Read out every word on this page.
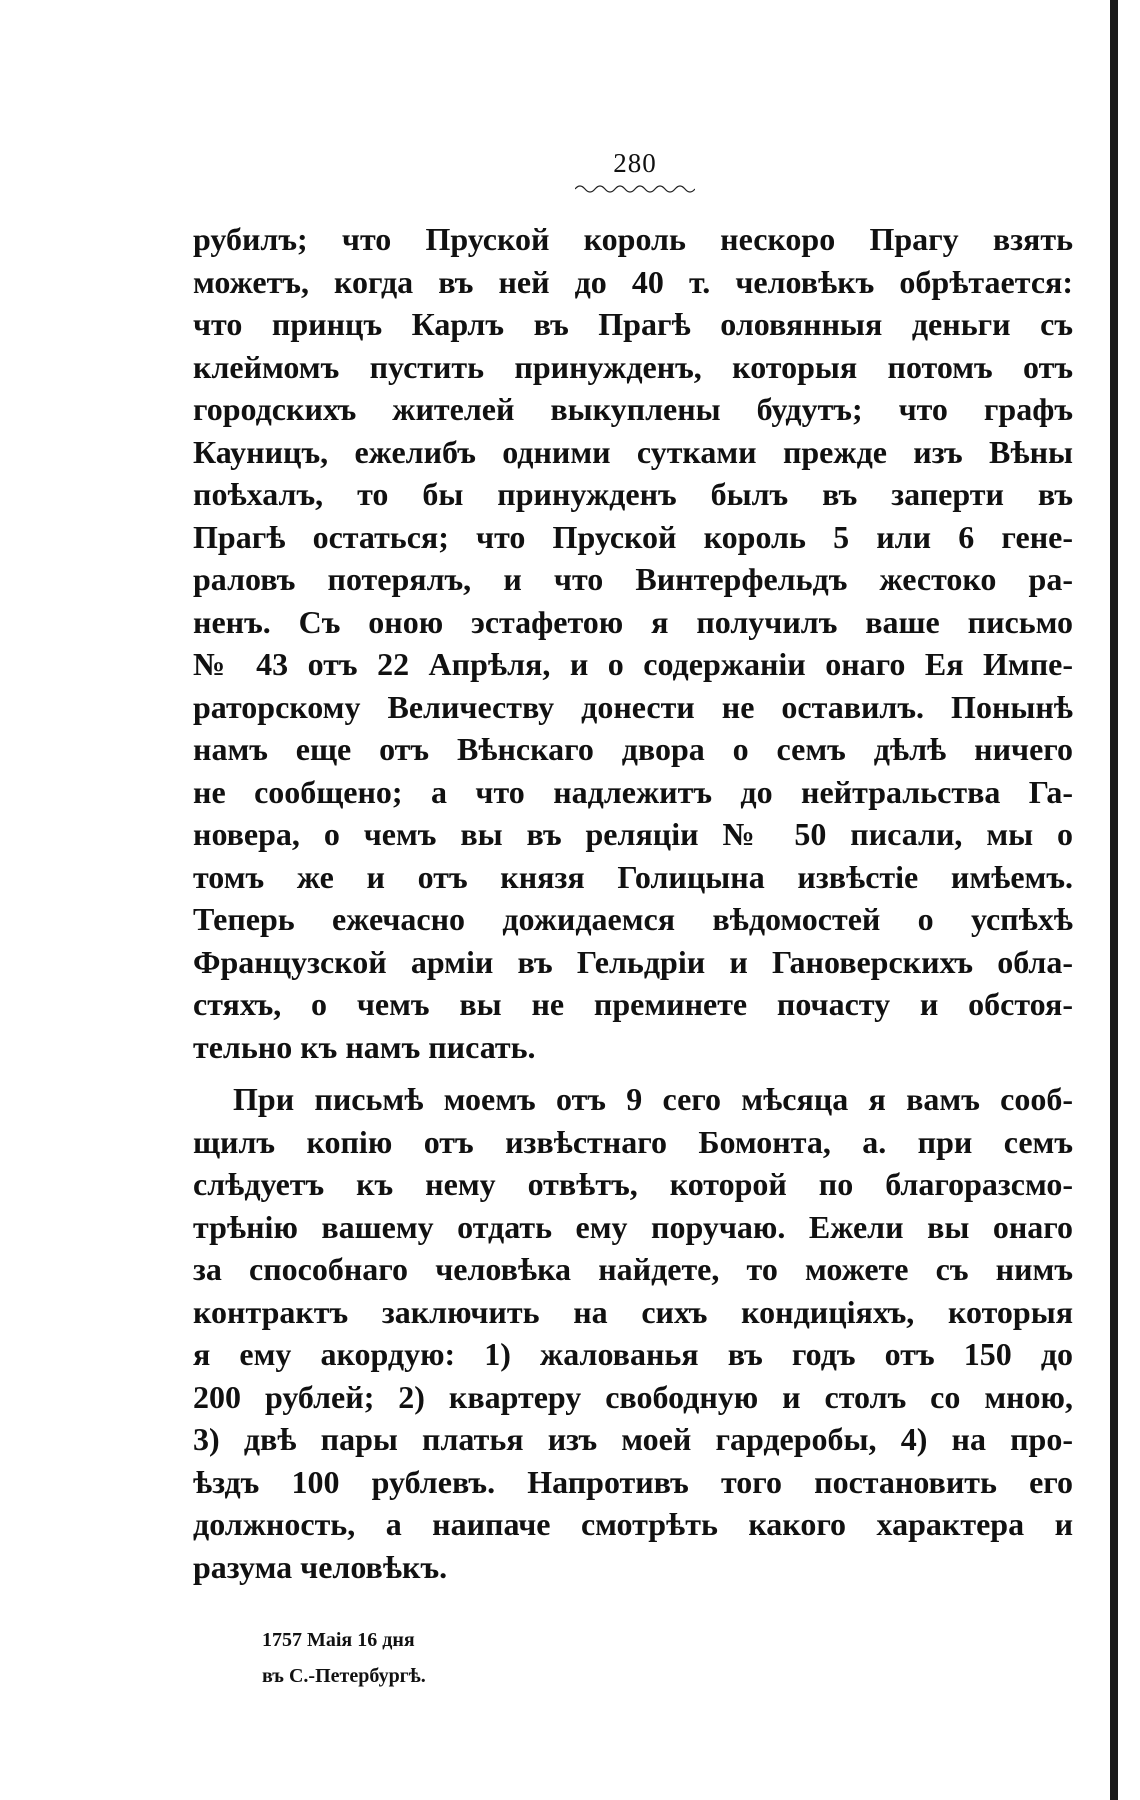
280
рубилъ; что Пруской король нескоро Прагу взять
можетъ, когда въ ней до 40 т. человѣкъ обрѣтается:
что принцъ Карлъ въ Прагѣ оловянныя деньги съ
клеймомъ пустить принужденъ, которыя потомъ отъ
городскихъ жителей выкуплены будутъ; что графъ
Кауницъ, ежелибъ одними сутками прежде изъ Вѣны
поѣхалъ, то бы принужденъ былъ въ заперти въ
Прагѣ остаться; что Пруской король 5 или 6 гене-
раловъ потерялъ, и что Винтерфельдъ жестоко ра-
ненъ. Съ оною эстафетою я получилъ ваше письмо
№ 43 отъ 22 Апрѣля, и о содержаніи онаго Ея Импе-
раторскому Величеству донести не оставилъ. Понынѣ
намъ еще отъ Вѣнскаго двора о семъ дѣлѣ ничего
не сообщено; а что надлежитъ до нейтральства Га-
новера, о чемъ вы въ реляціи № 50 писали, мы о
томъ же и отъ князя Голицына извѣстіе имѣемъ.
Теперь ежечасно дожидаемся вѣдомостей о успѣхѣ
Французской арміи въ Гельдріи и Гановерскихъ обла-
стяхъ, о чемъ вы не преминете почасту и обстоя-
тельно къ намъ писать.
При письмѣ моемъ отъ 9 сего мѣсяца я вамъ сооб-
щилъ копію отъ извѣстнаго Бомонта, а. при семъ
слѣдуетъ къ нему отвѣтъ, которой по благоразсмо-
трѣнію вашему отдать ему поручаю. Ежели вы онаго
за способнаго человѣка найдете, то можете съ нимъ
контрактъ заключить на сихъ кондиціяхъ, которыя
я ему акордую: 1) жалованья въ годъ отъ 150 до
200 рублей; 2) квартеру свободную и столъ со мною,
3) двѣ пары платья изъ моей гардеробы, 4) на про-
ѣздъ 100 рублевъ. Напротивъ того постановить его
должность, а наипаче смотрѣть какого характера и
разума человѣкъ.
1757 Маія 16 дня
въ С.-Петербургѣ.
